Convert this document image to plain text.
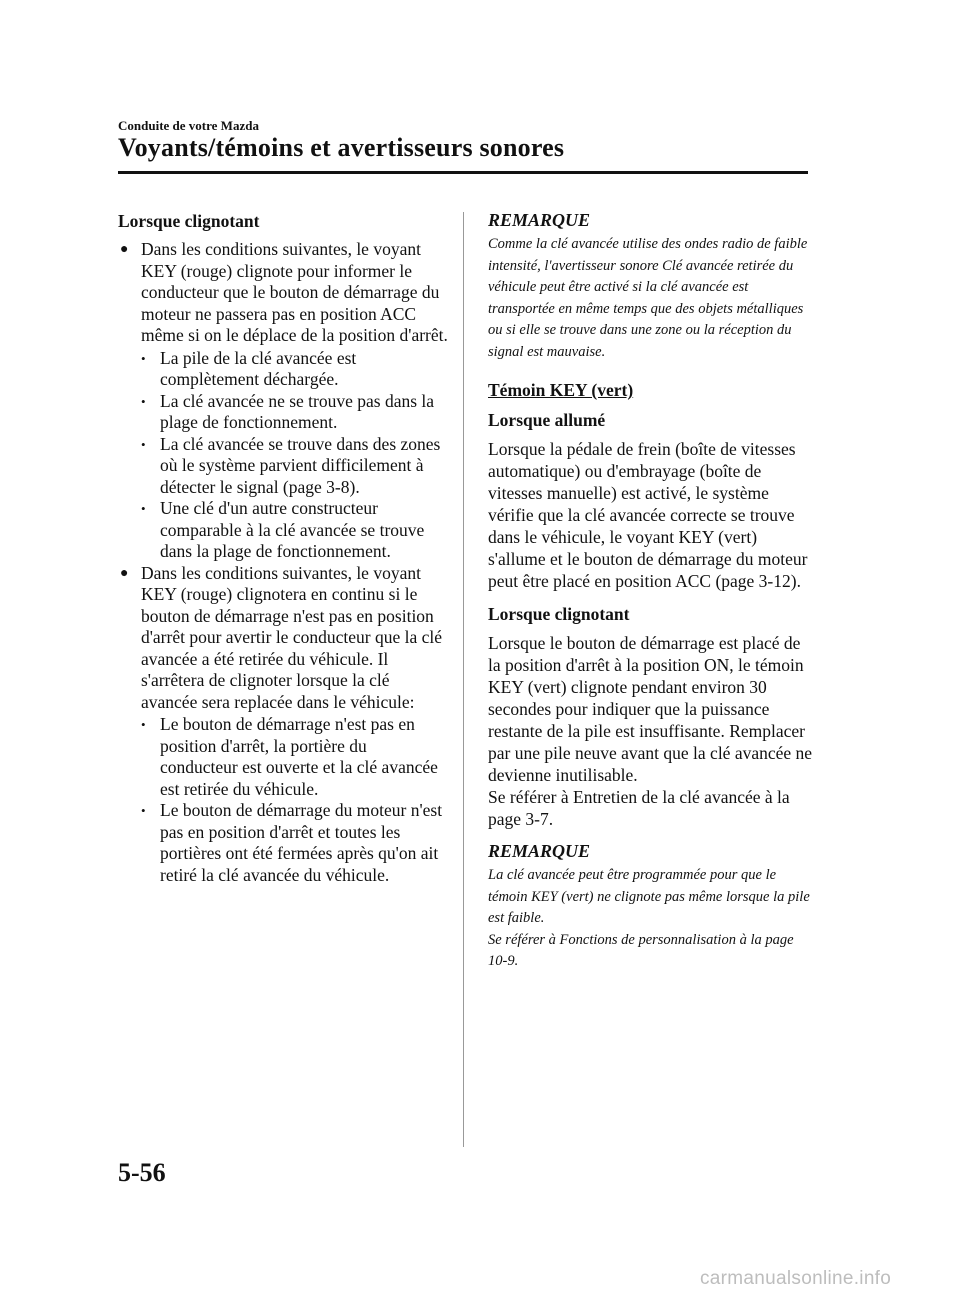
Conduite de votre Mazda
Voyants/témoins et avertisseurs sonores
Lorsque clignotant
● Dans les conditions suivantes, le voyant KEY (rouge) clignote pour informer le conducteur que le bouton de démarrage du moteur ne passera pas en position ACC même si on le déplace de la position d'arrêt.
• La pile de la clé avancée est complètement déchargée.
• La clé avancée ne se trouve pas dans la plage de fonctionnement.
• La clé avancée se trouve dans des zones où le système parvient difficilement à détecter le signal (page 3-8).
• Une clé d'un autre constructeur comparable à la clé avancée se trouve dans la plage de fonctionnement.
● Dans les conditions suivantes, le voyant KEY (rouge) clignotera en continu si le bouton de démarrage n'est pas en position d'arrêt pour avertir le conducteur que la clé avancée a été retirée du véhicule. Il s'arrêtera de clignoter lorsque la clé avancée sera replacée dans le véhicule:
• Le bouton de démarrage n'est pas en position d'arrêt, la portière du conducteur est ouverte et la clé avancée est retirée du véhicule.
• Le bouton de démarrage du moteur n'est pas en position d'arrêt et toutes les portières ont été fermées après qu'on ait retiré la clé avancée du véhicule.
REMARQUE
Comme la clé avancée utilise des ondes radio de faible intensité, l'avertisseur sonore Clé avancée retirée du véhicule peut être activé si la clé avancée est transportée en même temps que des objets métalliques ou si elle se trouve dans une zone ou la réception du signal est mauvaise.
Témoin KEY (vert)
Lorsque allumé
Lorsque la pédale de frein (boîte de vitesses automatique) ou d'embrayage (boîte de vitesses manuelle) est activé, le système vérifie que la clé avancée correcte se trouve dans le véhicule, le voyant KEY (vert) s'allume et le bouton de démarrage du moteur peut être placé en position ACC (page 3-12).
Lorsque clignotant
Lorsque le bouton de démarrage est placé de la position d'arrêt à la position ON, le témoin KEY (vert) clignote pendant environ 30 secondes pour indiquer que la puissance restante de la pile est insuffisante. Remplacer par une pile neuve avant que la clé avancée ne devienne inutilisable.
Se référer à Entretien de la clé avancée à la page 3-7.
REMARQUE
La clé avancée peut être programmée pour que le témoin KEY (vert) ne clignote pas même lorsque la pile est faible.
Se référer à Fonctions de personnalisation à la page 10-9.
5-56
carmanualsonline.info
